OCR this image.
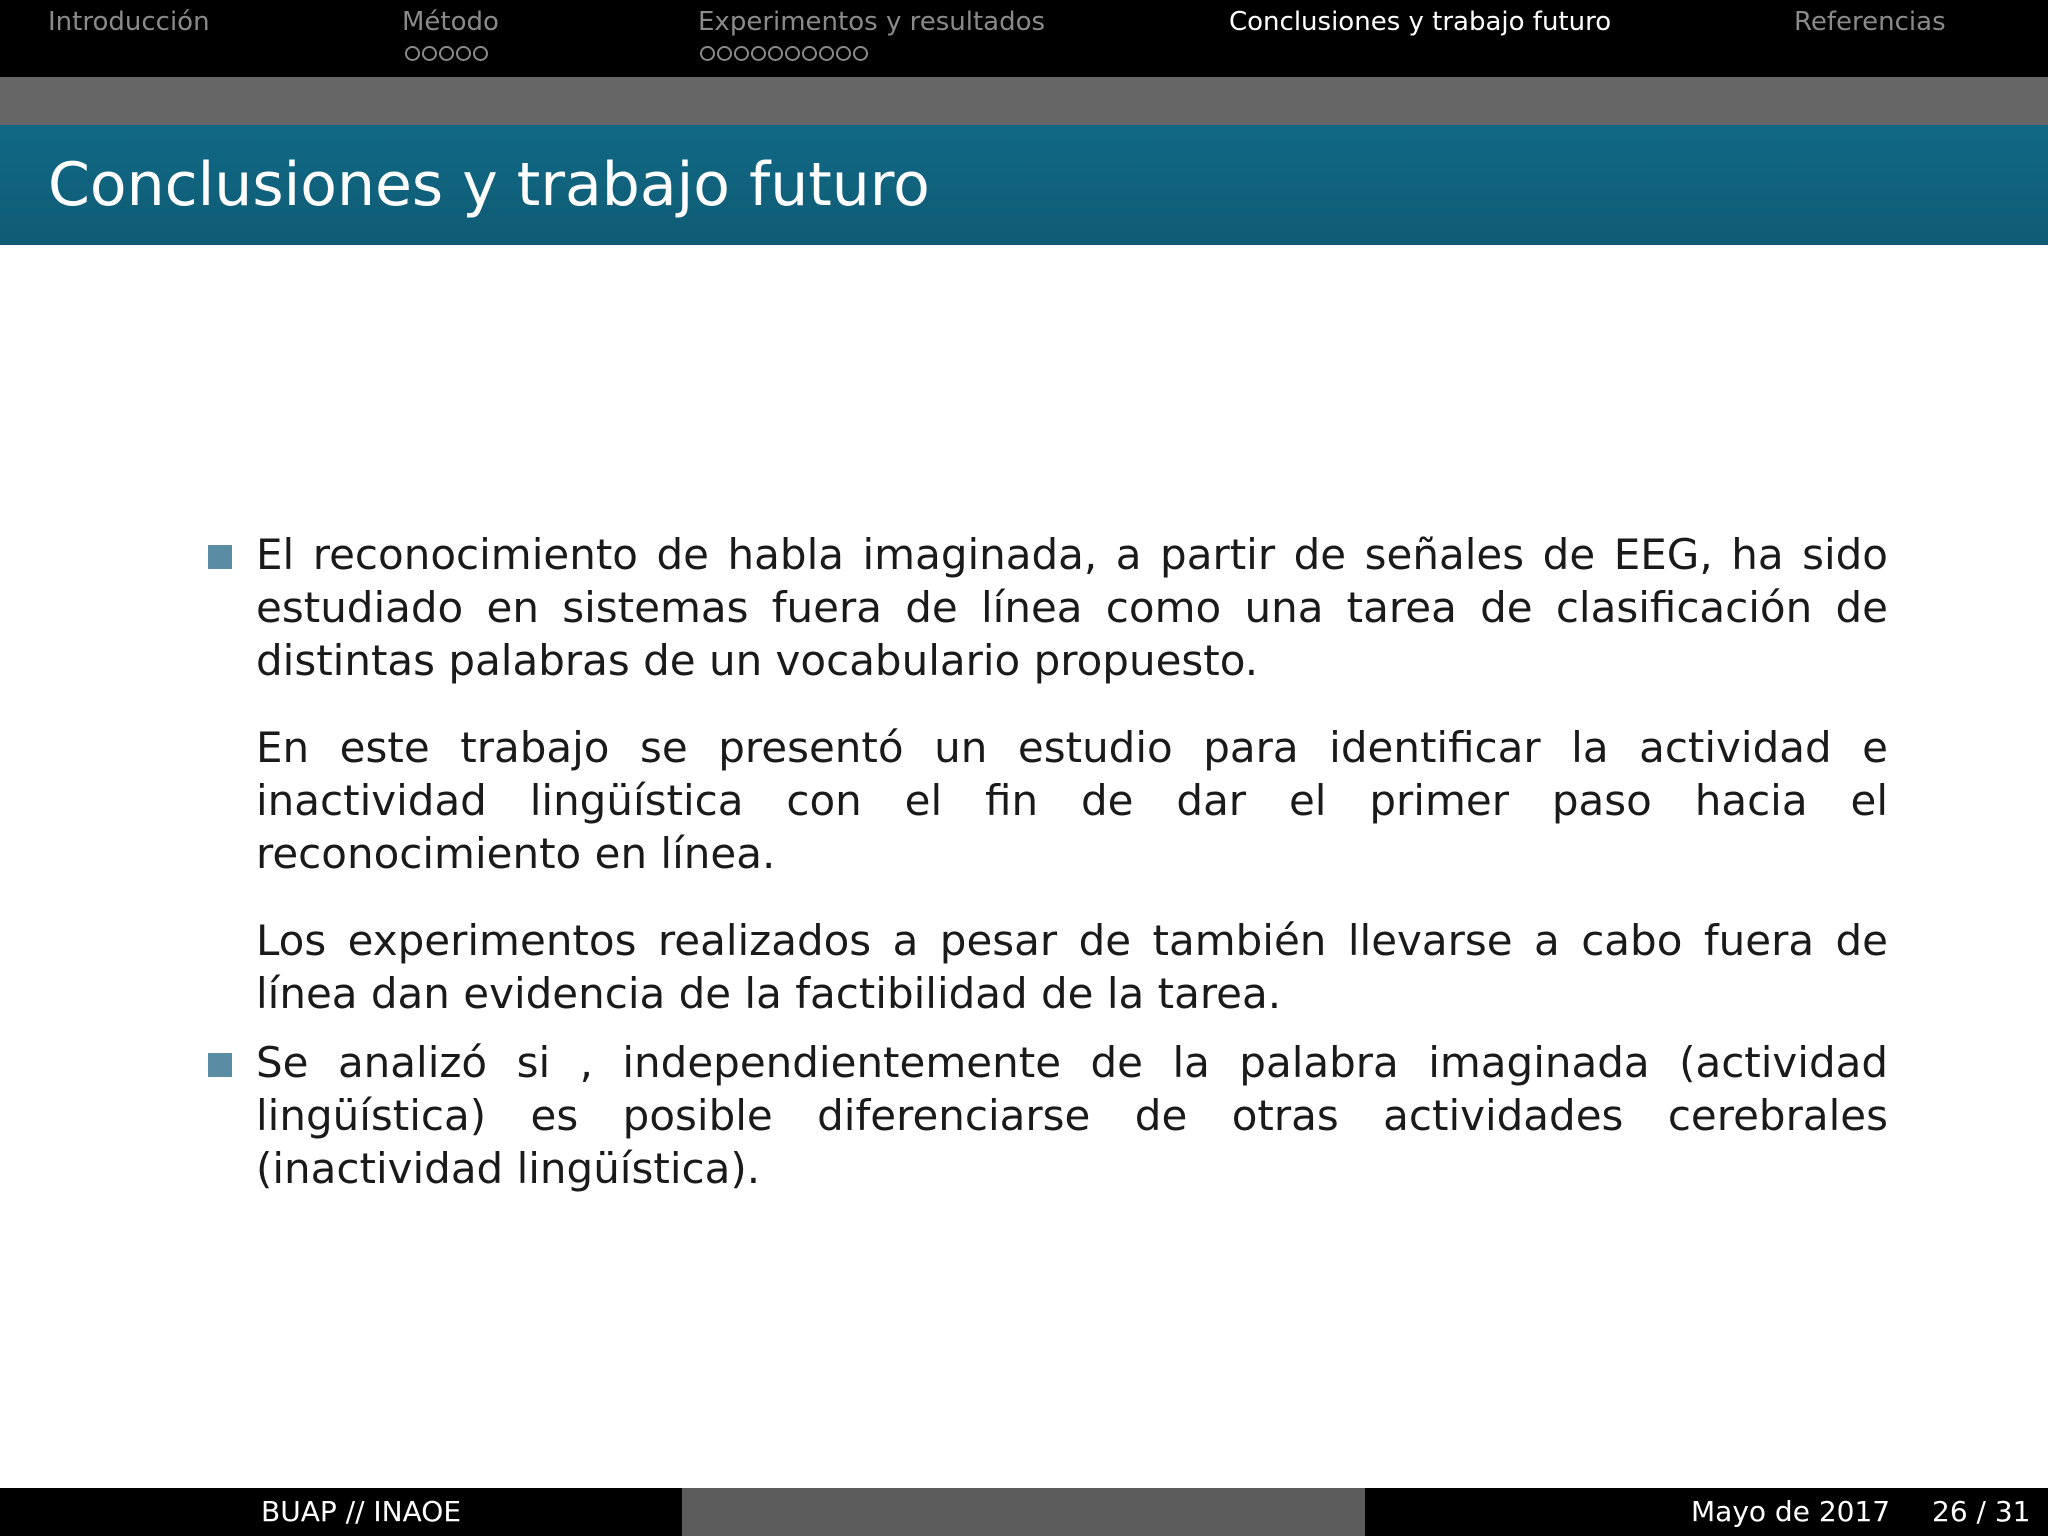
Introducción	Método	Experimentos y resultados	Conclusiones y trabajo futuro	Referencias
Conclusiones y trabajo futuro

El reconocimiento de habla imaginada, a partir de señales de EEG, ha sido estudiado en sistemas fuera de línea como una tarea de clasificación de distintas palabras de un vocabulario propuesto.

En este trabajo se presentó un estudio para identificar la actividad e inactividad lingüística con el fin de dar el primer paso hacia el reconocimiento en línea.

Los experimentos realizados a pesar de también llevarse a cabo fuera de línea dan evidencia de la factibilidad de la tarea.

Se analizó si , independientemente de la palabra imaginada (actividad lingüística) es posible diferenciarse de otras actividades cerebrales (inactividad lingüística).

BUAP // INAOE	Mayo de 2017 26 / 31
